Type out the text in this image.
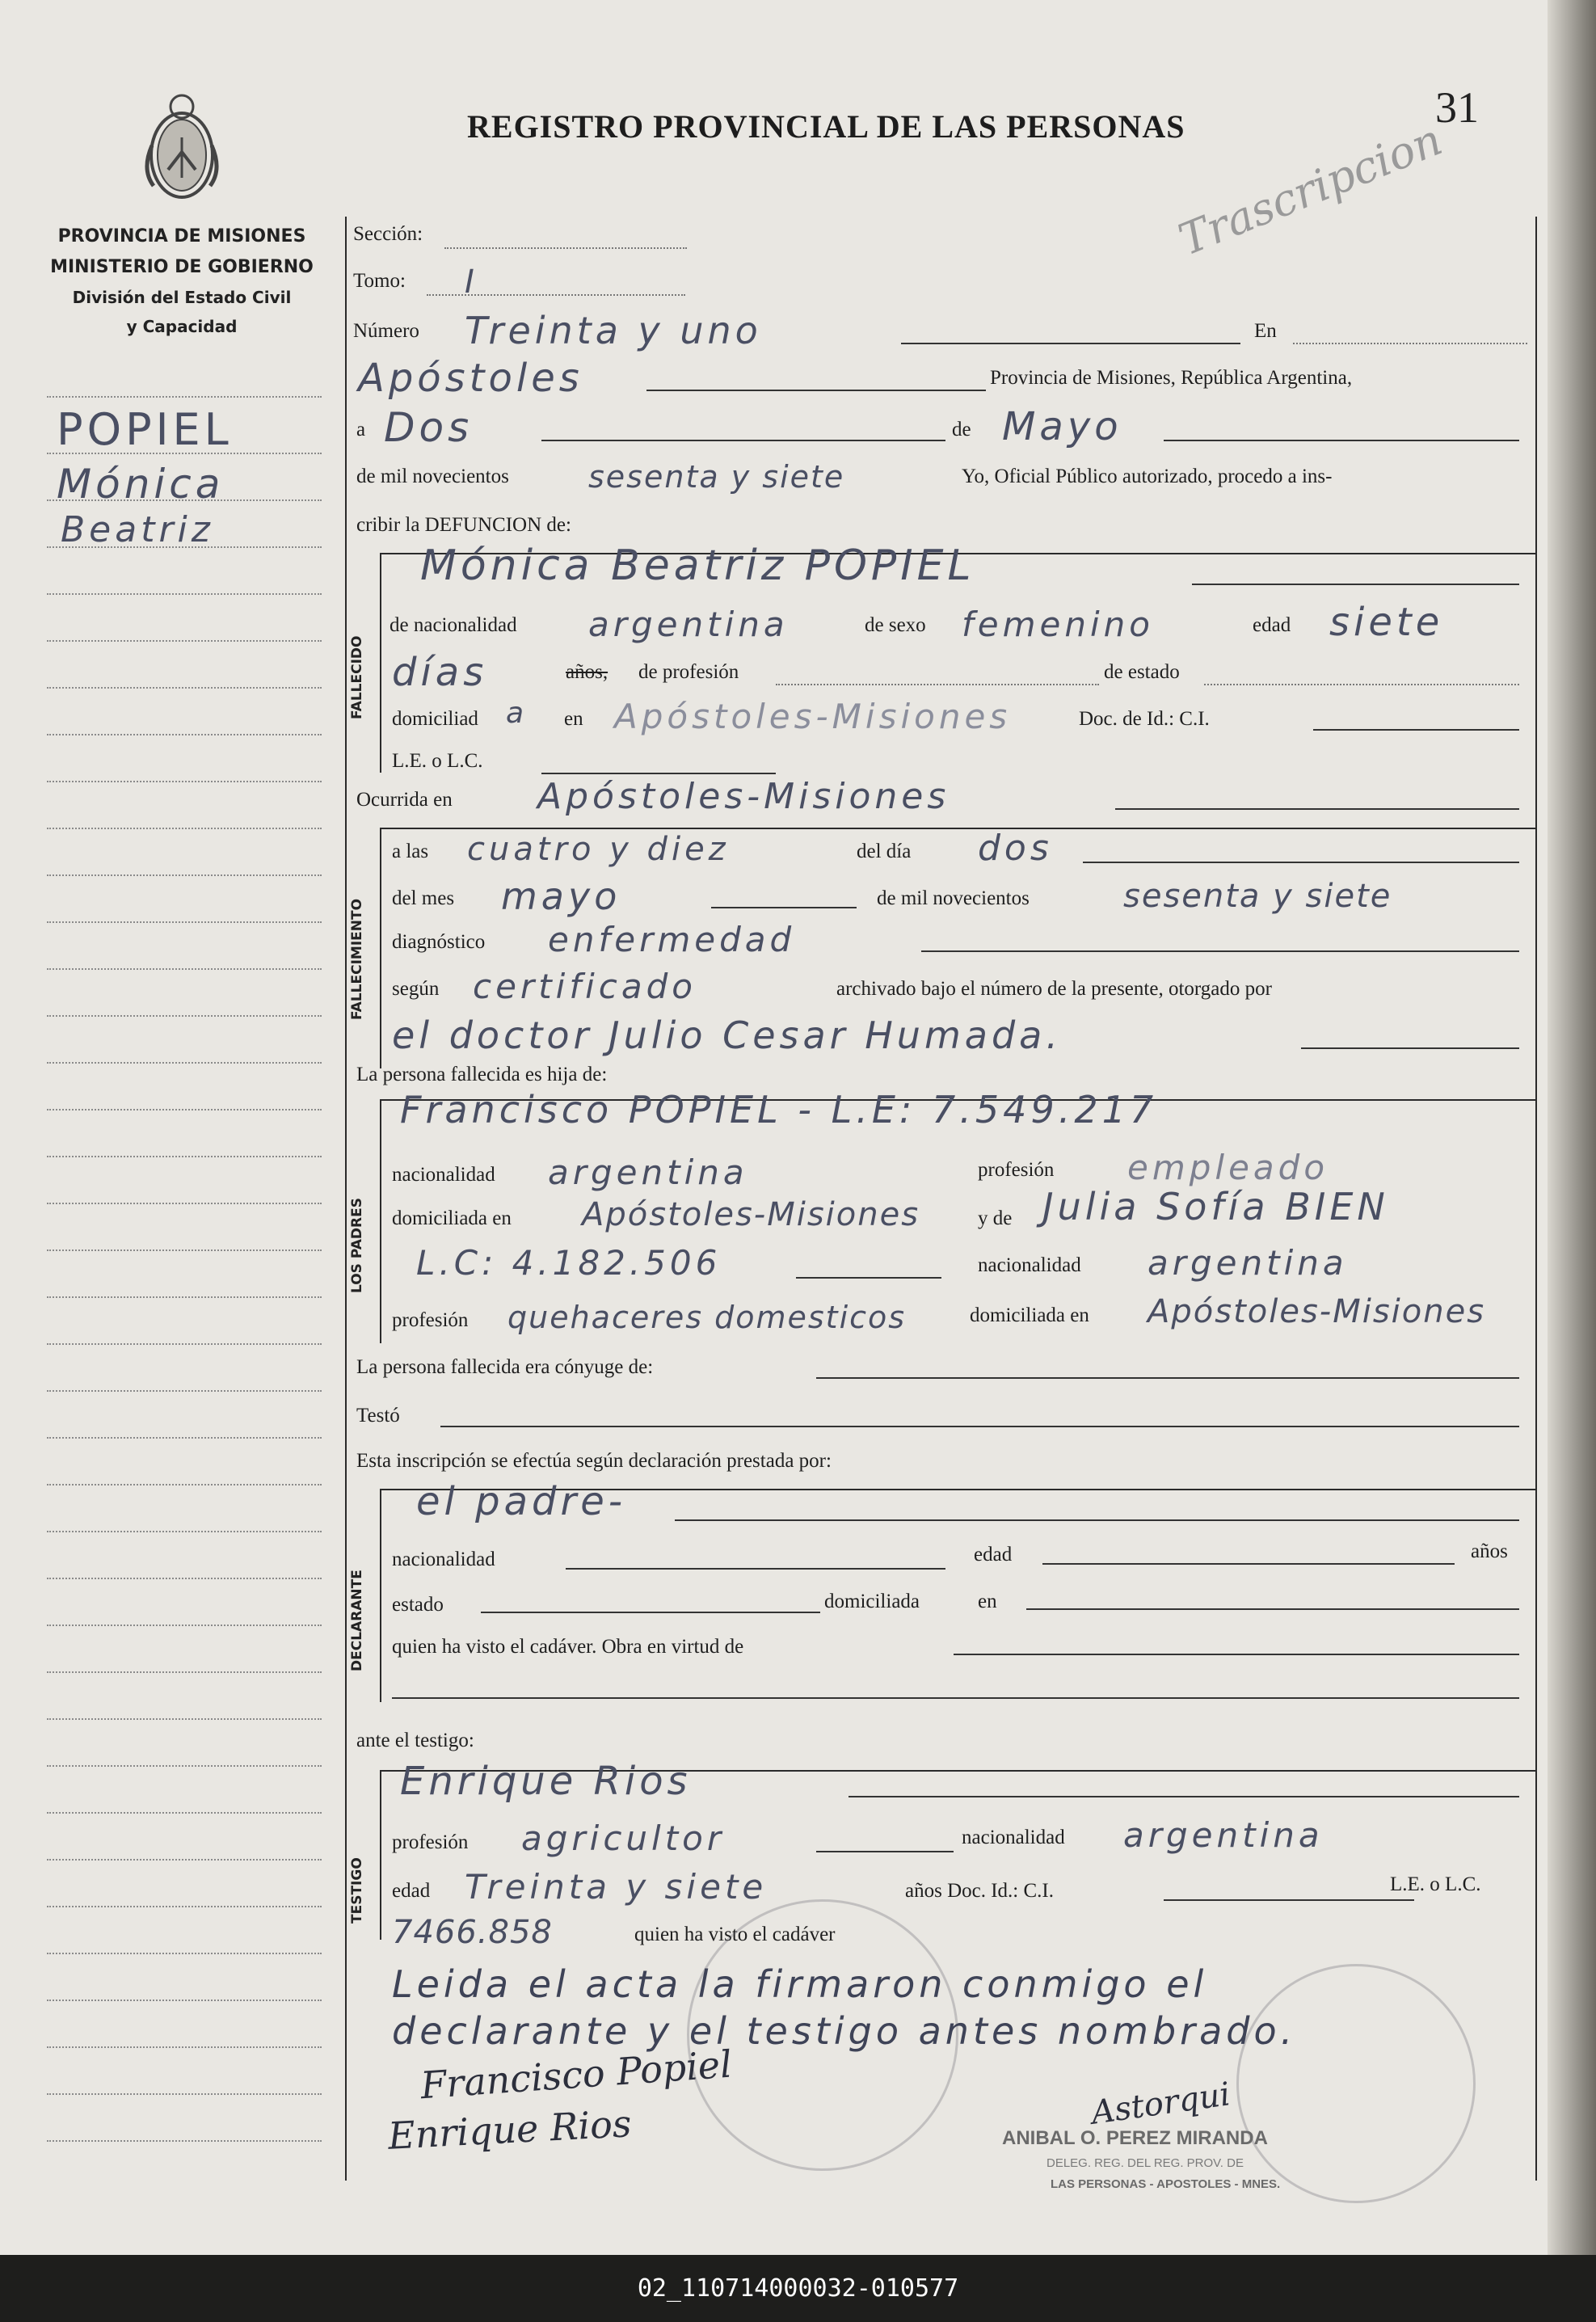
PROVINCIA DE MISIONES
MINISTERIO DE GOBIERNO
División del Estado Civil
y Capacidad
REGISTRO PROVINCIAL DE LAS PERSONAS	31
Trascripcion
POPIEL
Mónica
Beatriz
Sección:
Tomo: I
Número Treinta y uno	En
Apóstoles	Provincia de Misiones, República Argentina,
a Dos	de Mayo
de mil novecientos	sesenta y siete	Yo, Oficial Público autorizado, procedo a ins-
cribir la DEFUNCION de:
FALLECIDO
Mónica Beatriz POPIEL
de nacionalidad argentina	de sexo femenino	edad siete
días	años, de profesión	de estado
domiciliad a en Apóstoles-Misiones	Doc. de Id.: C.I.
L.E. o L.C.
Ocurrida en Apóstoles-Misiones
FALLECIMIENTO
a las cuatro y diez	del día dos
del mes mayo	de mil novecientos	sesenta y siete
diagnóstico enfermedad
según certificado	archivado bajo el número de la presente, otorgado por
el doctor Julio Cesar Humada.
La persona fallecida es hija de:
LOS PADRES
Francisco POPIEL - L.E: 7.549.217
nacionalidad argentina	profesión empleado
domiciliada en Apóstoles-Misiones	y de Julia Sofía BIEN
L.C: 4.182.506	nacionalidad argentina
profesión quehaceres domesticos	domiciliada en Apóstoles-Misiones
La persona fallecida era cónyuge de:
Testó
Esta inscripción se efectúa según declaración prestada por:
DECLARANTE
el padre-
nacionalidad	edad	años
estado	domiciliada	en
quien ha visto el cadáver. Obra en virtud de
ante el testigo:
TESTIGO
Enrique Rios
profesión agricultor	nacionalidad argentina
edad Treinta y siete	años Doc. Id.: C.I.	L.E. o L.C.
7466.858	quien ha visto el cadáver
Leida el acta la firmaron conmigo el
declarante y el testigo antes nombrado.
Francisco Popiel
Enrique Rios	Astorqui
ANIBAL O. PEREZ MIRANDA
DELEG. REG. DEL REG. PROV. DE
LAS PERSONAS - APOSTOLES - MNES.
02_110714000032-010577
